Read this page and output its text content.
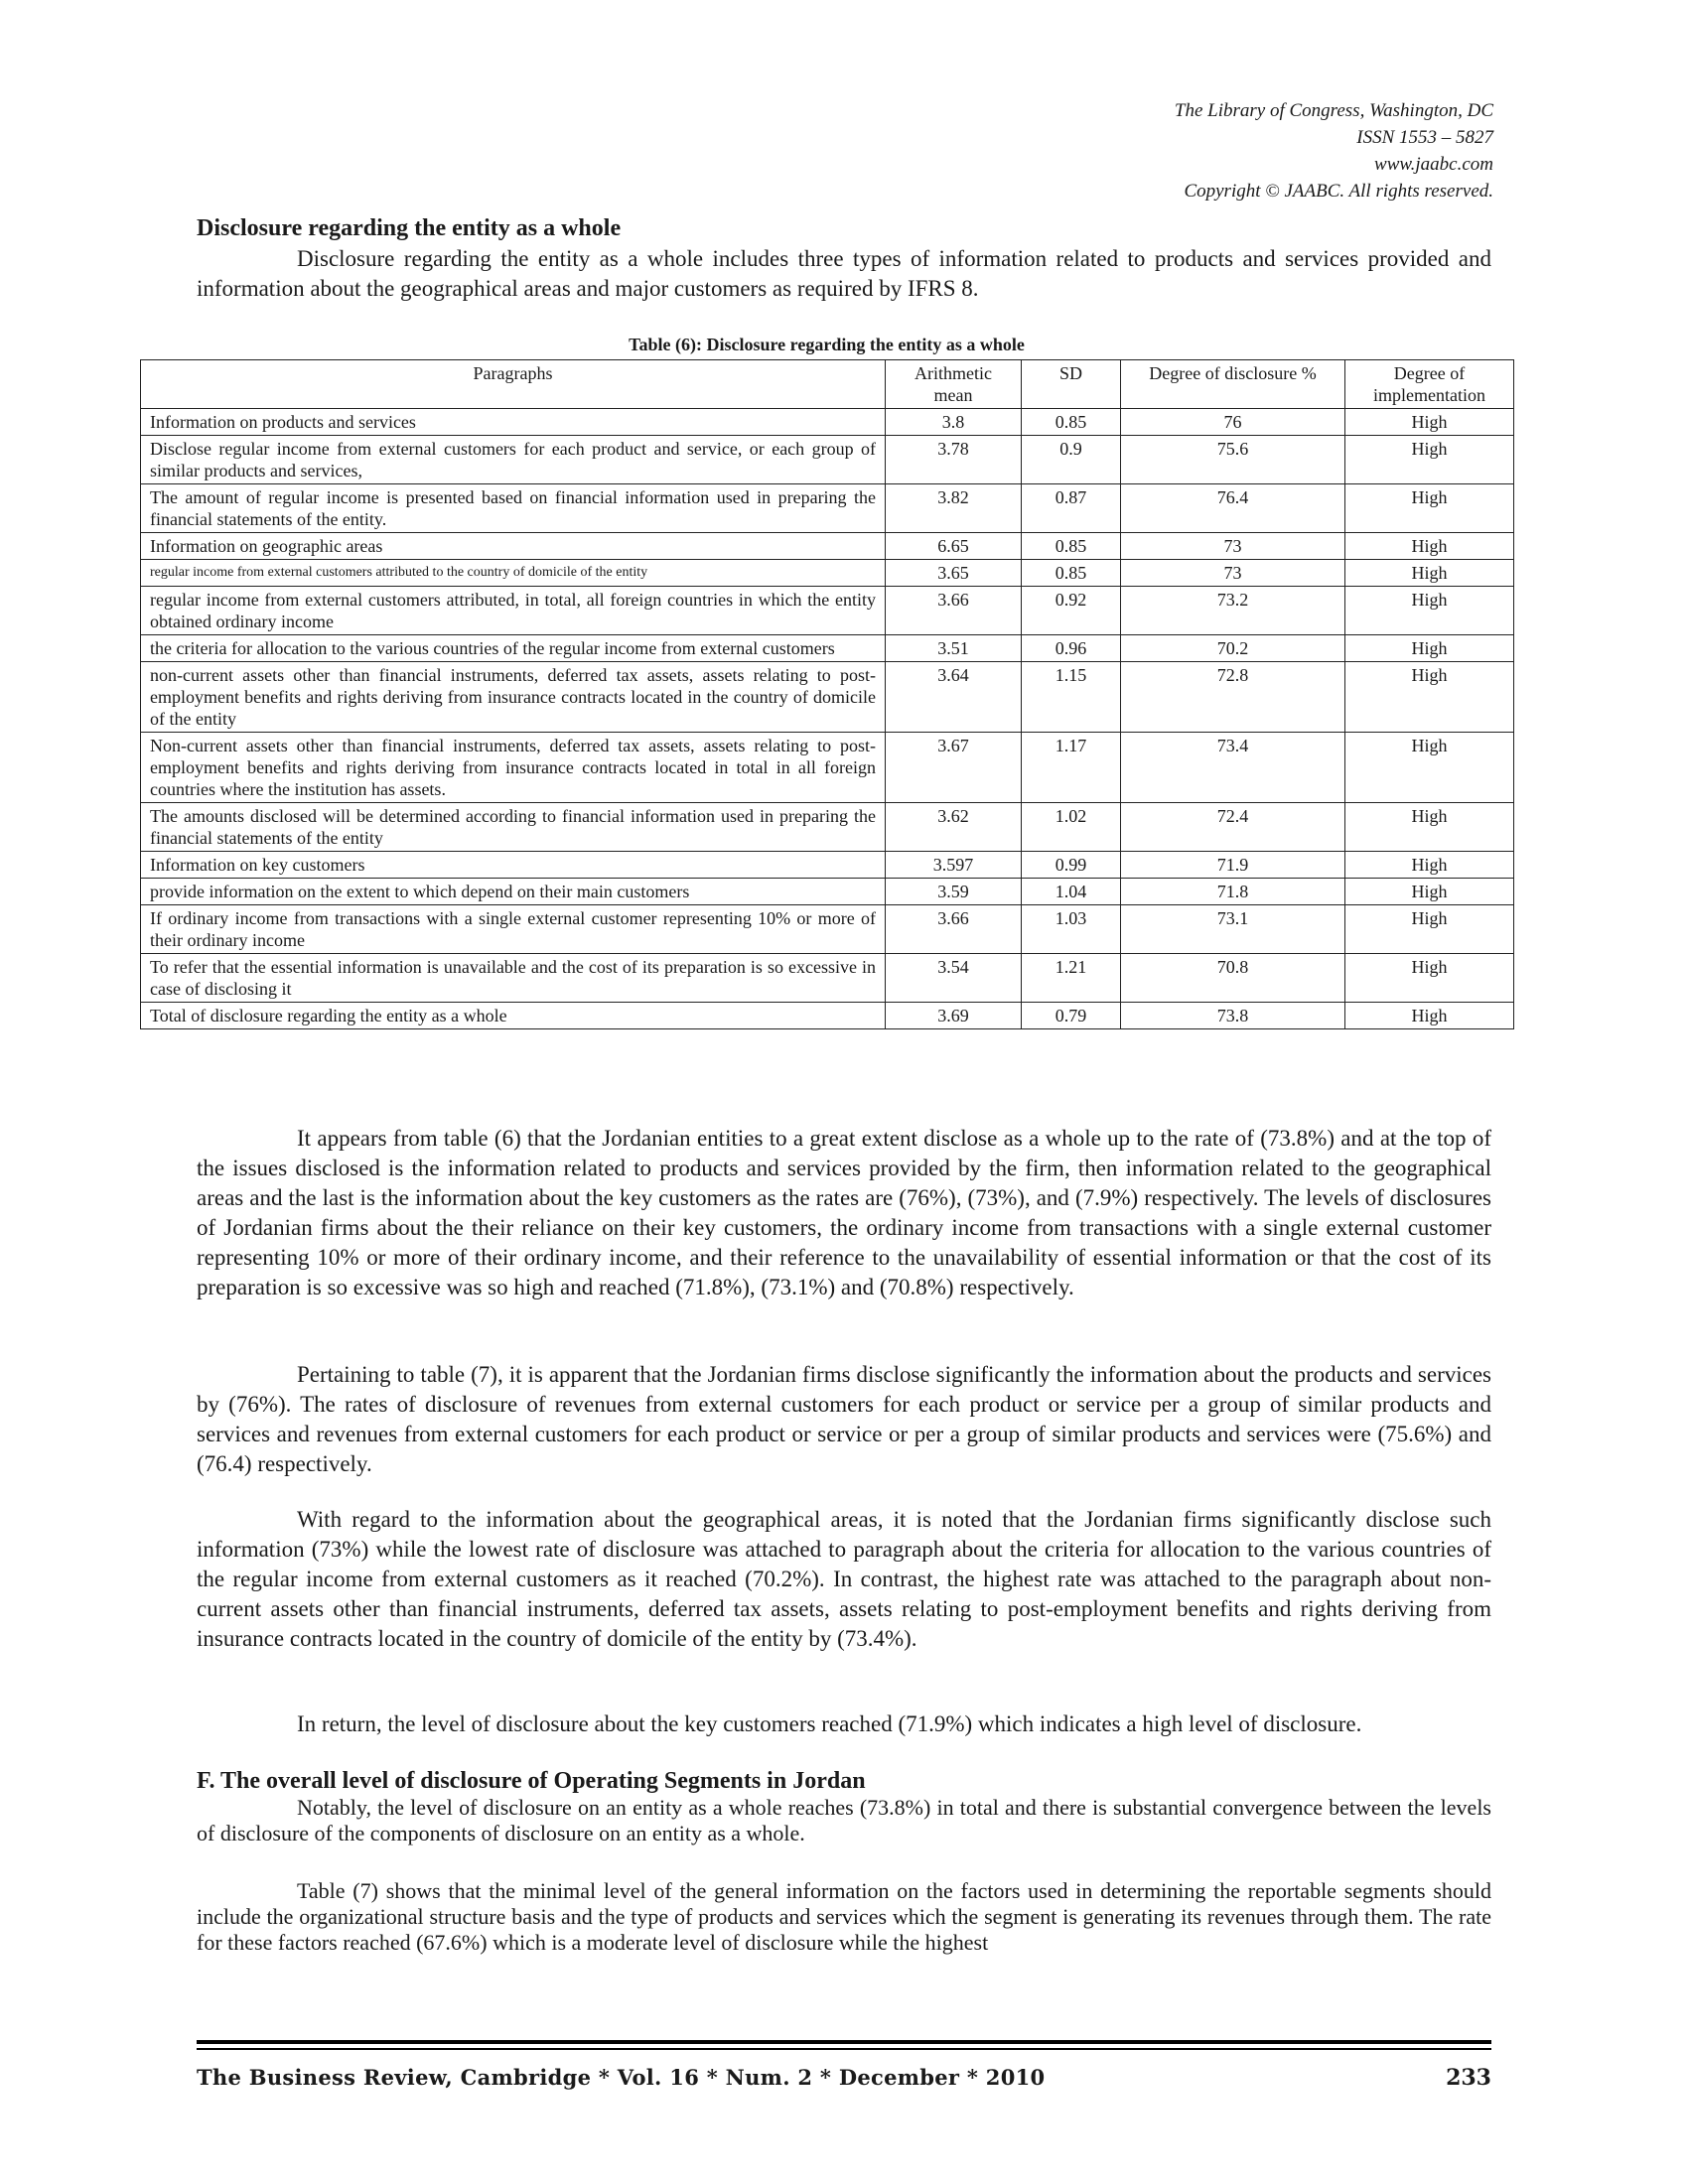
The Library of Congress, Washington, DC
ISSN 1553 – 5827
www.jaabc.com
Copyright © JAABC. All rights reserved.
Disclosure regarding the entity as a whole
Disclosure regarding the entity as a whole includes three types of information related to products and services provided and information about the geographical areas and major customers as required by IFRS 8.
Table (6): Disclosure regarding the entity as a whole
Paragraphs	Arithmetic mean	SD	Degree of disclosure %	Degree of implementation
Information on products and services	3.8	0.85	76	High
Disclose regular income from external customers for each product and service, or each group of similar products and services,	3.78	0.9	75.6	High
The amount of regular income is presented based on financial information used in preparing the financial statements of the entity.	3.82	0.87	76.4	High
Information on geographic areas	6.65	0.85	73	High
regular income from external customers attributed to the country of domicile of the entity	3.65	0.85	73	High
regular income from external customers attributed, in total, all foreign countries in which the entity obtained ordinary income	3.66	0.92	73.2	High
the criteria for allocation to the various countries of the regular income from external customers	3.51	0.96	70.2	High
non-current assets other than financial instruments, deferred tax assets, assets relating to post-employment benefits and rights deriving from insurance contracts located in the country of domicile of the entity	3.64	1.15	72.8	High
Non-current assets other than financial instruments, deferred tax assets, assets relating to post-employment benefits and rights deriving from insurance contracts located in total in all foreign countries where the institution has assets.	3.67	1.17	73.4	High
The amounts disclosed will be determined according to financial information used in preparing the financial statements of the entity	3.62	1.02	72.4	High
Information on key customers	3.597	0.99	71.9	High
provide information on the extent to which depend on their main customers	3.59	1.04	71.8	High
If ordinary income from transactions with a single external customer representing 10% or more of their ordinary income	3.66	1.03	73.1	High
To refer that the essential information is unavailable and the cost of its preparation is so excessive in case of disclosing it	3.54	1.21	70.8	High
Total of disclosure regarding the entity as a whole	3.69	0.79	73.8	High
It appears from table (6) that the Jordanian entities to a great extent disclose as a whole up to the rate of (73.8%) and at the top of the issues disclosed is the information related to products and services provided by the firm, then information related to the geographical areas and the last is the information about the key customers as the rates are (76%), (73%), and (7.9%) respectively. The levels of disclosures of Jordanian firms about the their reliance on their key customers, the ordinary income from transactions with a single external customer representing 10% or more of their ordinary income, and their reference to the unavailability of essential information or that the cost of its preparation is so excessive was so high and reached (71.8%), (73.1%) and (70.8%) respectively.
Pertaining to table (7), it is apparent that the Jordanian firms disclose significantly the information about the products and services by (76%). The rates of disclosure of revenues from external customers for each product or service per a group of similar products and services and revenues from external customers for each product or service or per a group of similar products and services were (75.6%) and (76.4) respectively.
With regard to the information about the geographical areas, it is noted that the Jordanian firms significantly disclose such information (73%) while the lowest rate of disclosure was attached to paragraph about the criteria for allocation to the various countries of the regular income from external customers as it reached (70.2%). In contrast, the highest rate was attached to the paragraph about non-current assets other than financial instruments, deferred tax assets, assets relating to post-employment benefits and rights deriving from insurance contracts located in the country of domicile of the entity by (73.4%).
In return, the level of disclosure about the key customers reached (71.9%) which indicates a high level of disclosure.
F. The overall level of disclosure of Operating Segments in Jordan
Notably, the level of disclosure on an entity as a whole reaches (73.8%) in total and there is substantial convergence between the levels of disclosure of the components of disclosure on an entity as a whole.
Table (7) shows that the minimal level of the general information on the factors used in determining the reportable segments should include the organizational structure basis and the type of products and services which the segment is generating its revenues through them. The rate for these factors reached (67.6%) which is a moderate level of disclosure while the highest
The Business Review, Cambridge * Vol. 16 * Num. 2 * December * 2010	233
